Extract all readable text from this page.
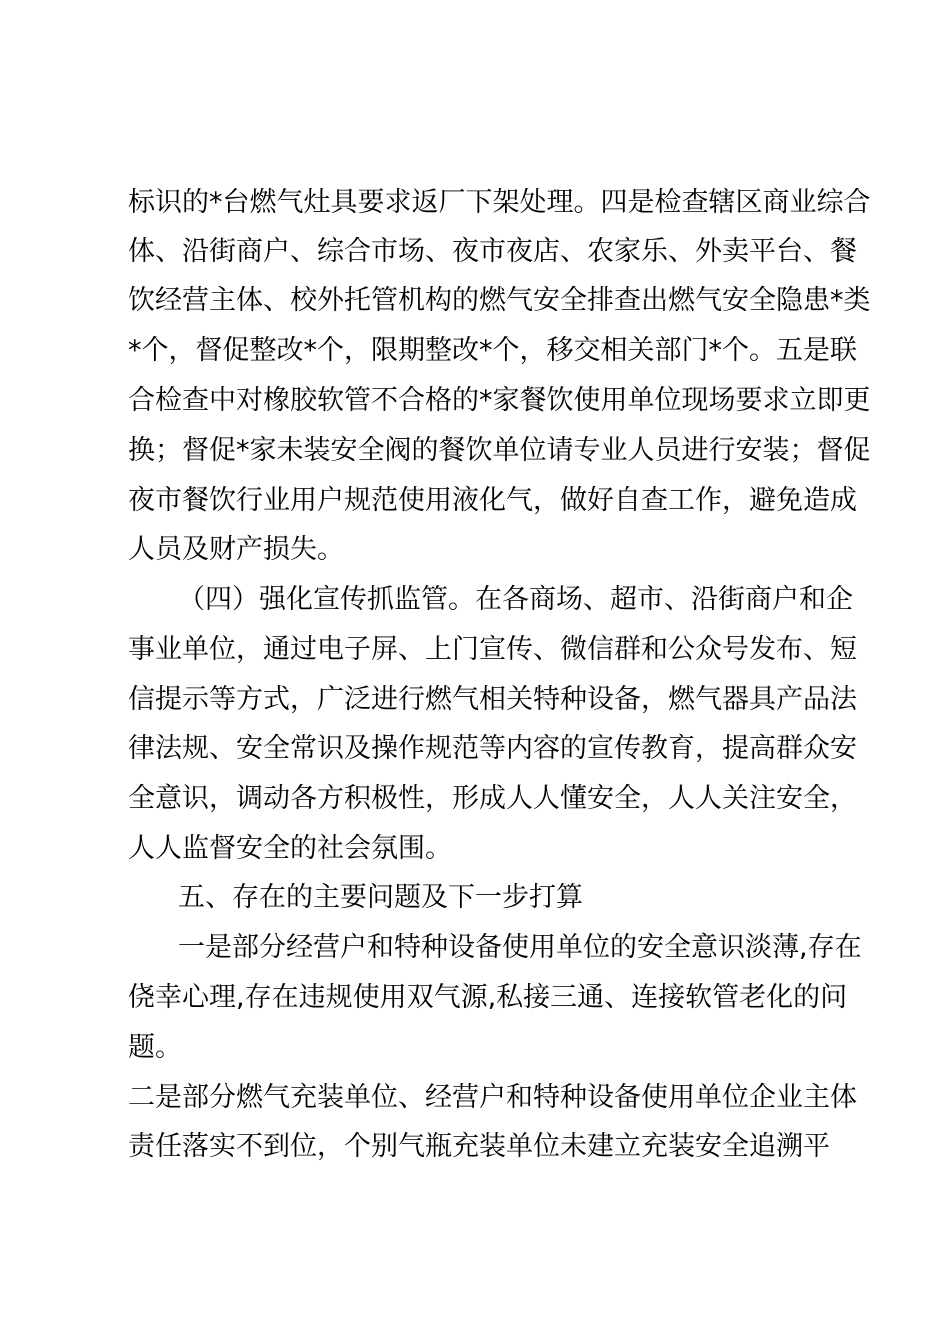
标识的*台燃气灶具要求返厂下架处理。四是检查辖区商业综合
体、沿街商户、综合市场、夜市夜店、农家乐、外卖平台、餐
饮经营主体、校外托管机构的燃气安全排查出燃气安全隐患*类
*个，督促整改*个，限期整改*个，移交相关部门*个。五是联
合检查中对橡胶软管不合格的*家餐饮使用单位现场要求立即更
换；督促*家未装安全阀的餐饮单位请专业人员进行安装；督促
夜市餐饮行业用户规范使用液化气，做好自查工作，避免造成
人员及财产损失。
（四）强化宣传抓监管。在各商场、超市、沿街商户和企
事业单位，通过电子屏、上门宣传、微信群和公众号发布、短
信提示等方式，广泛进行燃气相关特种设备，燃气器具产品法
律法规、安全常识及操作规范等内容的宣传教育，提高群众安
全意识，调动各方积极性，形成人人懂安全，人人关注安全，
人人监督安全的社会氛围。
五、存在的主要问题及下一步打算
一是部分经营户和特种设备使用单位的安全意识淡薄,存在
侥幸心理,存在违规使用双气源,私接三通、连接软管老化的问
题。
二是部分燃气充装单位、经营户和特种设备使用单位企业主体
责任落实不到位，个别气瓶充装单位未建立充装安全追溯平
